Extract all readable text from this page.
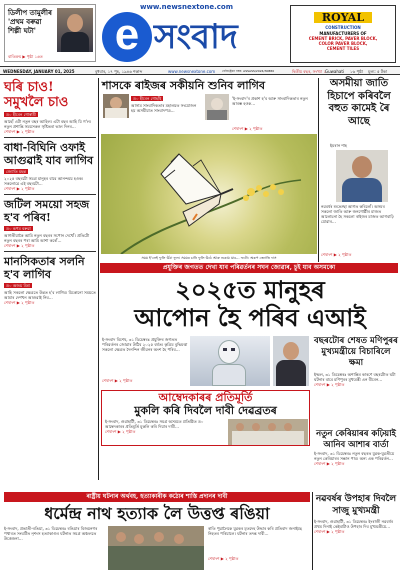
ডিলীপ তামুলীৰ 'প্ৰথম বৰুৱা শিল্পী ঘটা'
বাতিক্ৰম ▶ পৃষ্ঠা ১৬ত
www.newsnextone.com
e সংবাদ	ROYAL
CONSTRUCTION
MANUFACTURERS OF
CEMENT BRICK, PAVER BLOCK,
COLOR PAVER BLOCK,
CEMENT TILES
WEDNESDAY, JANUARY 01, 2025	বুধবাৰ, ১৭ পুহ, ১৯৪৬ শকাব্দ	www.newsnextone.com ৰেজিষ্ট্ৰেচন নম্বৰ: ASSASS/2024/30880	দ্বিতীয় বছৰ, সংখ্যা ১ Guwahati ১৬ পৃষ্ঠা মূল্য: ৫ টকা
ঘৰি চাও! সমুখলৈ চাও
ড০ হীৰেন গোস্বামী
আহোঁ এটা নতুন বছৰ আহিল। এটা বছৰ আহি যি গ'ল। নতুন প্ৰশান্তি সময়সকল সৃষ্টিভৰা ভাল দিনৰ…
শেষাংশ ▶ ২ পৃষ্ঠাত
বাধা-বিঘিনি ওফাই আগুৱাই যাব লাগিব
জ্যোতি মহন্ত
২০২৫ বছৰটো সমগ্ৰ মানুহৰ বাবে আনন্দময় হওক। সকলোৱে এই বছৰটো…
শেষাংশ ▶ ২ পৃষ্ঠাত
জটিল সময়ো সহজ হ'ব পৰিব!
ড০ ৰূপম বৰুৱা
আগতীয়াকৈ আমি নতুন বছৰৰ সপোন দেখোঁ। প্ৰতিটো নতুন বছৰৰ পৰা আমি আশা কৰোঁ…
শেষাংশ ▶ ২ পৃষ্ঠাত
মানসিকতাৰ সলনি হ'ব লাগিব
ড০ অজয় মিশ্ৰ
আহি সকলো ক্ষেত্ৰতে উন্নত হ'ব লাগিব। যিকোনো সময়তে আমাৰ দেশখন আগুৱাই নিব…
শেষাংশ ▶ ২ পৃষ্ঠাত
শাসকে ৰাইজৰ সকীয়নি শুনিব লাগিব
ড০ হীৰেন গোহাঁই
আসাম সাংবাদিকতাৰ মহালয়ত সংযোজন হয় অসমীয়াত সাংবাদপত্ৰ…
'ই-সংবাদ'ৰ প্ৰকাশ হ'ব আৰু সাংবাদিকতাৰ নতুন আৰম্ভ হওক…
শেষাংশ ▶ ২ পৃষ্ঠাত
সময় ই'লেই ফুলি উঠা ফুল। সময়ৰ চানি ফুলি উঠে আৰু শুকায় যাব… ফটো: অৰূপ জ্যোতি দাস
অসমীয়া জাতি হিচাপে কৰিবলৈ বহুত কামেই ৰৈ আছে
ইমৰান শাহ
নৱবৰ্ষৰ শুভেচ্ছা আগত কৰিলোঁ। অসমৰ সকলো জাতি আৰু জনগোষ্ঠীৰ মাজত আলোচনা হৈ সকলো ৰাইজৰ মাজত আগবাঢ়ি যোৱাৰ…
শেষাংশ ▶ ২ পৃষ্ঠাত
প্ৰযুক্তিৰ জগতত দেখা যাব পৰিৱৰ্তনৰ সঘন জোৱাৰ, চুই যাব অসমকো
২০২৫ত মানুহৰ
আপোন হৈ পৰিব এআই
ই-সংবাদ বিশেষ, ৩১ ডিচেম্বৰঃ প্ৰযুক্তিৰ জগতত পৰিৱৰ্তনৰ জোৱাৰ উঠিব ২০২৫ বৰ্ষত। কৃত্ৰিম বুদ্ধিমত্তা সকলো ক্ষেত্ৰত দৈনন্দিন জীৱনৰ অংশ হৈ পৰিব…
শেষাংশ ▶ ২ পৃষ্ঠাত
বছৰটোৰ শেষত মণিপুৰৰ মুখ্যমন্ত্ৰীয়ে বিচাৰিলে ক্ষমা
ইম্ফল, ৩১ ডিচেম্বৰঃ অশান্তিৰ কাৰণে বছৰটোত ঘটা ঘটনাৰ বাবে মণিপুৰৰ মুখ্যমন্ত্ৰী এন বীৰেন…
শেষাংশ ▶ ২ পৃষ্ঠাত
আম্বেদকাৰৰ প্ৰতিমূৰ্তি
মুকলি কৰি দিবলৈ দাবী দেৱব্ৰতৰ
ই-সংবাদ, গুৱাহাটী, ৩১ ডিচেম্বৰঃ সমগ্ৰ অসমতে প্ৰতিষ্ঠিত ড০ আম্বেদকাৰৰ প্ৰতিমূৰ্তি মুকলি কৰি দিয়াৰ দাবী…
শেষাংশ ▶ ২ পৃষ্ঠাত	নতুন কেৰিয়াৰৰ কঢ়িয়াই আনিব আশাৰ বাৰ্তা
ই-সংবাদ, ৩১ ডিচেম্বৰঃ নতুন বছৰত যুৱক-যুৱতীয়ে নতুন কেৰিয়াৰৰ সন্ধান পাব। অন্য এক পৰিৱৰ্তন…
শেষাংশ ▶ ২ পৃষ্ঠাত
ৰাষ্ট্ৰীয় ঘটনাৰ অৰ্থবহ, হত্যাকাৰীক কঠোৰ শাস্তি প্ৰদানৰ দাবী
ধৰ্মেন্দ্ৰ নাথ হত্যাক লৈ উত্তপ্ত ৰঙিয়া
ই-সংবাদ, প্ৰভাতী-ৰঙিয়া, ৩১ ডিচেম্বৰঃ ৰঙিয়াৰ বিজয়নগৰ পথাৰত সংঘটিত নৃশংস হত্যাকাণ্ডৰ ঘটনাত সমগ্ৰ অঞ্চলতে উত্তেজনা…
ৰাতি পুৱালৈকে যুৱকৰ মৃতদেহ উদ্ধাৰ কৰি প্ৰতিবাদ জনাইছে নিহতৰ পৰিয়ালে। ঘটনাৰ তদন্ত দাবী…
শেষাংশ ▶ ২ পৃষ্ঠাত
নৱবৰ্ষৰ উপহাৰ দিবলৈ সাজু মুখ্যমন্ত্ৰী
ই-সংবাদ, গুৱাহাটী, ৩১ ডিচেম্বৰঃ ইংৰাজী নৱবৰ্ষৰ প্ৰথম দিনাই কেইবাটাও উপহাৰ দিব মুখ্যমন্ত্ৰীয়ে…
শেষাংশ ▶ ২ পৃষ্ঠাত
